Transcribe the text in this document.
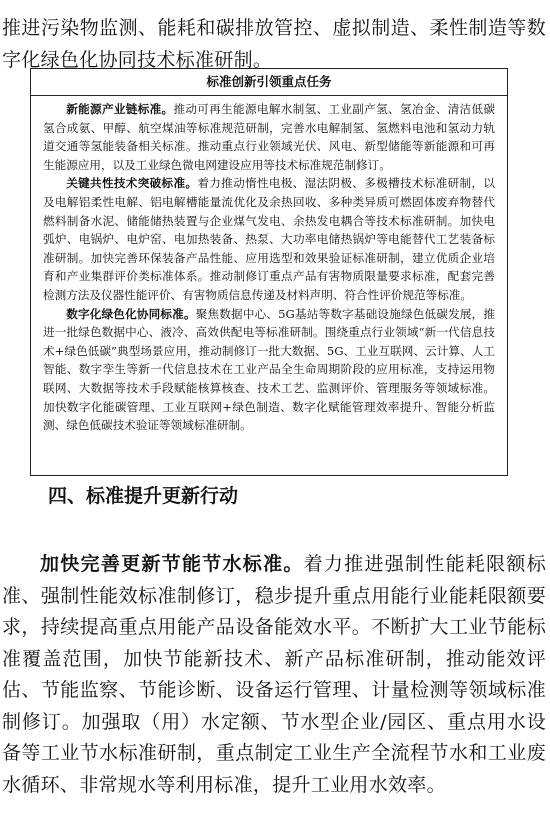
推进污染物监测、能耗和碳排放管控、虚拟制造、柔性制造等数字化绿色化协同技术标准研制。

标准创新引领重点任务

新能源产业链标准。推动可再生能源电解水制氢、工业副产氢、氢冶金、清洁低碳氢合成氨、甲醇、航空煤油等标准规范研制，完善水电解制氢、氢燃料电池和氢动力轨道交通等氢能装备相关标准。推动重点行业领域光伏、风电、新型储能等新能源和可再生能源应用，以及工业绿色微电网建设应用等技术标准规范制修订。

关键共性技术突破标准。着力推动惰性电极、湿法阴极、多极槽技术标准研制，以及电解铝柔性电解、铝电解槽能量流优化及余热回收、多种类异质可燃固体废弃物替代燃料制备水泥、储能储热装置与企业煤气发电、余热发电耦合等技术标准研制。加快电弧炉、电锅炉、电炉窑、电加热装备、热泵、大功率电储热锅炉等电能替代工艺装备标准研制。加快完善环保装备产品性能、应用选型和效果验证标准研制，建立优质企业培育和产业集群评价类标准体系。推动制修订重点产品有害物质限量要求标准，配套完善检测方法及仪器性能评价、有害物质信息传递及材料声明、符合性评价规范等标准。

数字化绿色化协同标准。聚焦数据中心、5G基站等数字基础设施绿色低碳发展，推进一批绿色数据中心、液冷、高效供配电等标准研制。围绕重点行业领域“新一代信息技术+绿色低碳”典型场景应用，推动制修订一批大数据、5G、工业互联网、云计算、人工智能、数字孪生等新一代信息技术在工业产品全生命周期阶段的应用标准，支持运用物联网、大数据等技术手段赋能核算核查、技术工艺、监测评价、管理服务等领域标准。加快数字化能碳管理、工业互联网+绿色制造、数字化赋能管理效率提升、智能分析监测、绿色低碳技术验证等领域标准研制。

四、标准提升更新行动

加快完善更新节能节水标准。着力推进强制性能耗限额标准、强制性能效标准制修订，稳步提升重点用能行业能耗限额要求，持续提高重点用能产品设备能效水平。不断扩大工业节能标准覆盖范围，加快节能新技术、新产品标准研制，推动能效评估、节能监察、节能诊断、设备运行管理、计量检测等领域标准制修订。加强取（用）水定额、节水型企业/园区、重点用水设备等工业节水标准研制，重点制定工业生产全流程节水和工业废水循环、非常规水等利用标准，提升工业用水效率。
